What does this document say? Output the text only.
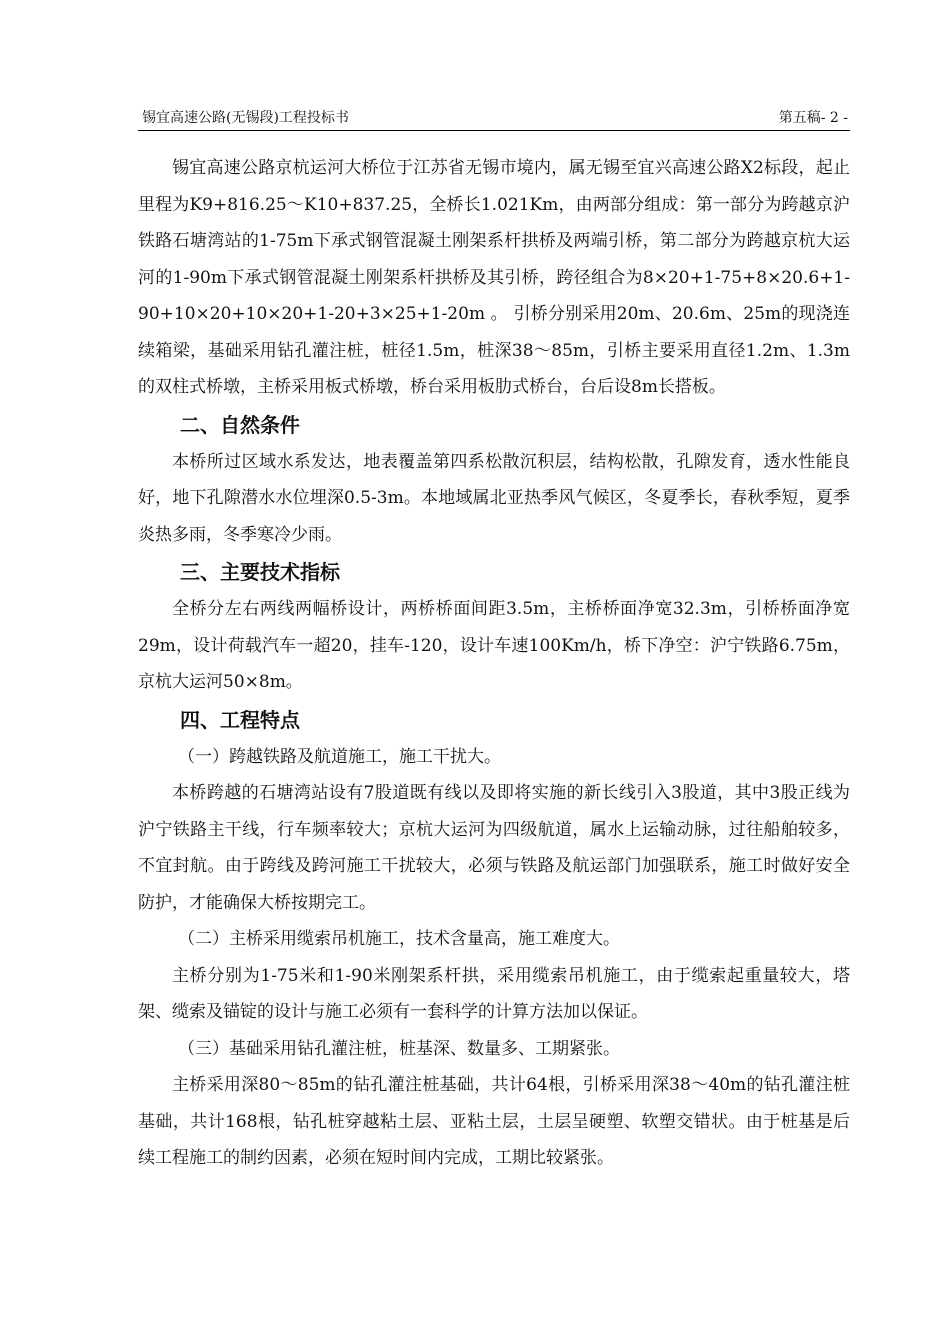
锡宜高速公路(无锡段)工程投标书	第五稿- 2 -

锡宜高速公路京杭运河大桥位于江苏省无锡市境内，属无锡至宜兴高速公路X2标段，起止里程为K9+816.25～K10+837.25，全桥长1.021Km，由两部分组成：第一部分为跨越京沪铁路石塘湾站的1-75m下承式钢管混凝土刚架系杆拱桥及两端引桥，第二部分为跨越京杭大运河的1-90m下承式钢管混凝土刚架系杆拱桥及其引桥，跨径组合为8×20+1-75+8×20.6+1-90+10×20+10×20+1-20+3×25+1-20m 。 引桥分别采用20m、20.6m、25m的现浇连续箱梁，基础采用钻孔灌注桩，桩径1.5m，桩深38～85m，引桥主要采用直径1.2m、1.3m的双柱式桥墩，主桥采用板式桥墩，桥台采用板肋式桥台，台后设8m长搭板。

二、自然条件

本桥所过区域水系发达，地表覆盖第四系松散沉积层，结构松散，孔隙发育，透水性能良好，地下孔隙潜水水位埋深0.5-3m。本地域属北亚热季风气候区，冬夏季长，春秋季短，夏季炎热多雨，冬季寒冷少雨。

三、主要技术指标

全桥分左右两线两幅桥设计，两桥桥面间距3.5m，主桥桥面净宽32.3m，引桥桥面净宽29m，设计荷载汽车一超20，挂车-120，设计车速100Km/h，桥下净空：沪宁铁路6.75m，京杭大运河50×8m。

四、工程特点

（一）跨越铁路及航道施工，施工干扰大。

本桥跨越的石塘湾站设有7股道既有线以及即将实施的新长线引入3股道，其中3股正线为沪宁铁路主干线，行车频率较大；京杭大运河为四级航道，属水上运输动脉，过往船舶较多，不宜封航。由于跨线及跨河施工干扰较大，必须与铁路及航运部门加强联系，施工时做好安全防护，才能确保大桥按期完工。

（二）主桥采用缆索吊机施工，技术含量高，施工难度大。

主桥分别为1-75米和1-90米刚架系杆拱，采用缆索吊机施工，由于缆索起重量较大，塔架、缆索及锚锭的设计与施工必须有一套科学的计算方法加以保证。

（三）基础采用钻孔灌注桩，桩基深、数量多、工期紧张。

主桥采用深80～85m的钻孔灌注桩基础，共计64根，引桥采用深38～40m的钻孔灌注桩基础，共计168根，钻孔桩穿越粘土层、亚粘土层，土层呈硬塑、软塑交错状。由于桩基是后续工程施工的制约因素，必须在短时间内完成，工期比较紧张。
